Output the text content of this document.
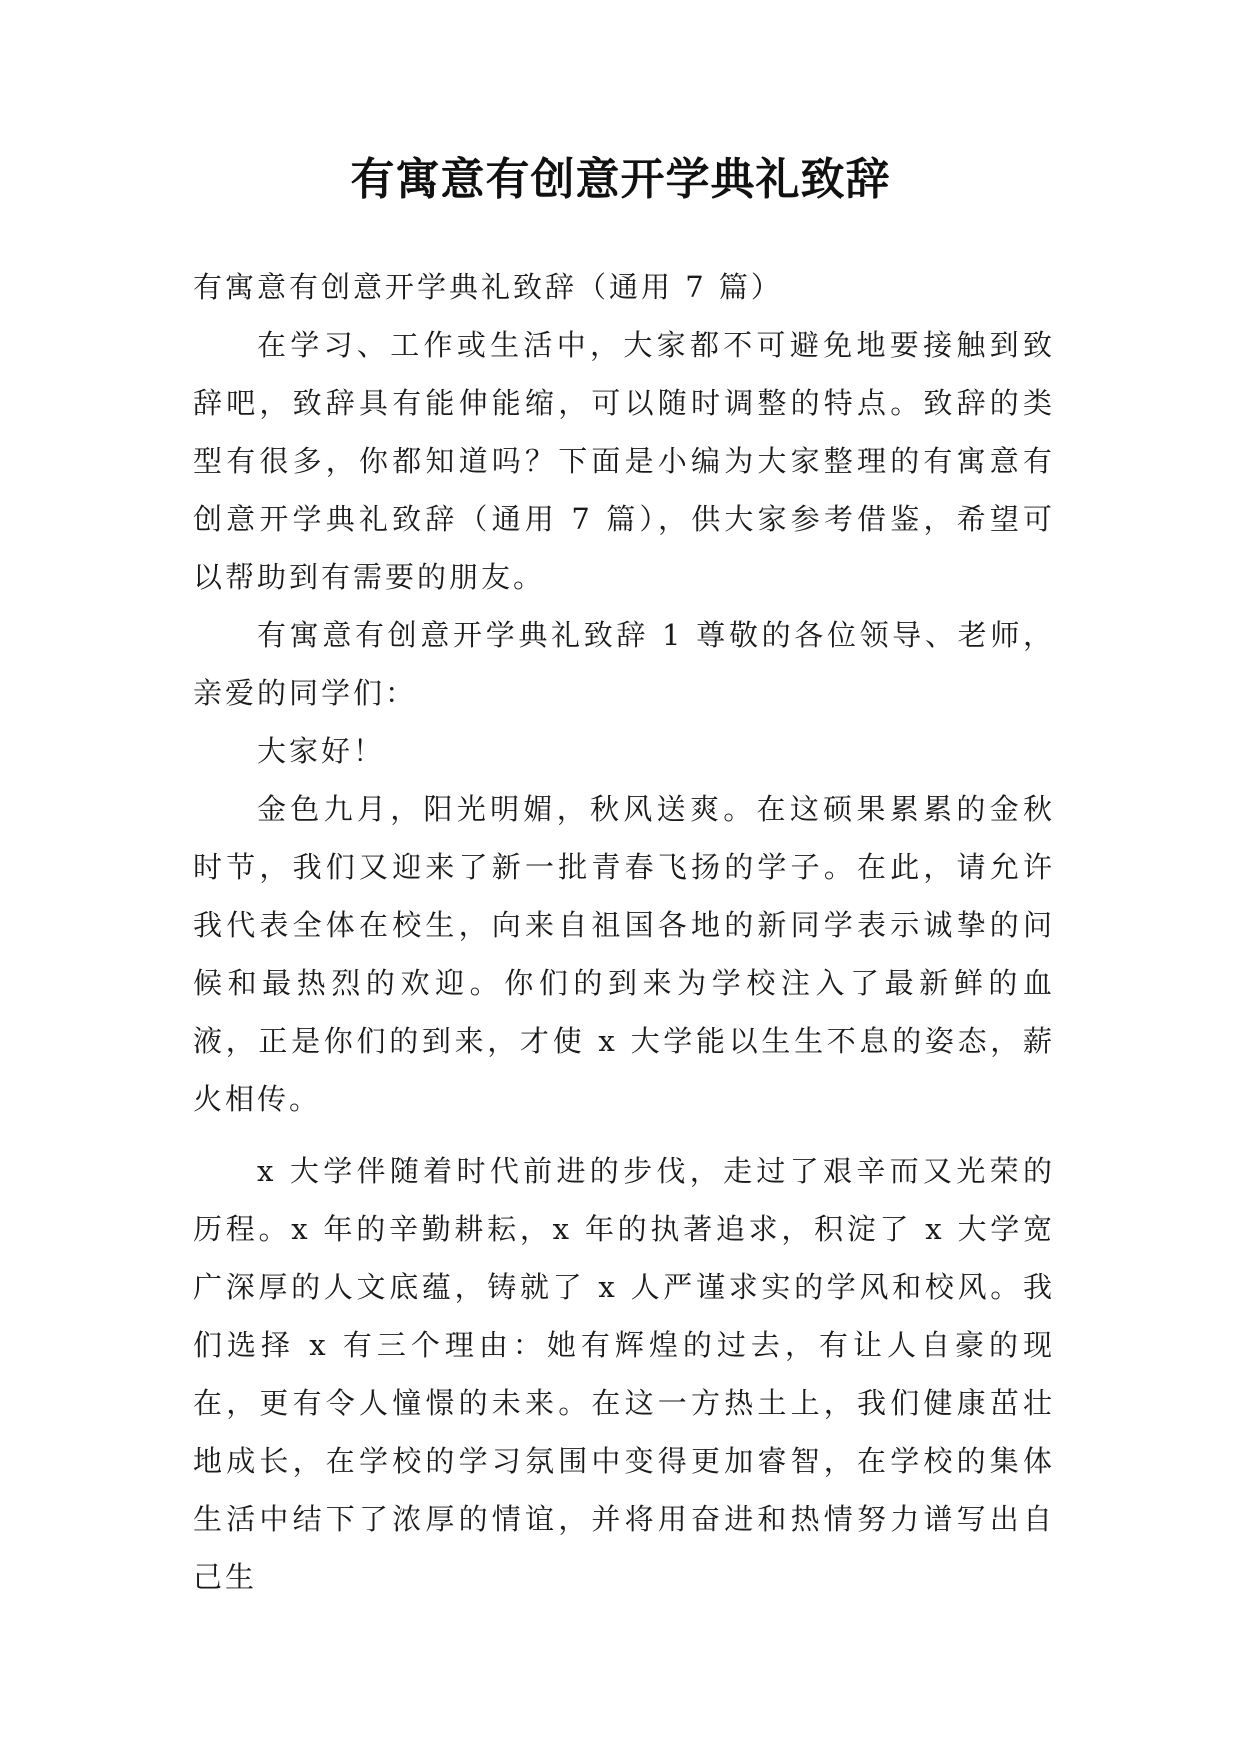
有寓意有创意开学典礼致辞

有寓意有创意开学典礼致辞（通用 7 篇）

在学习、工作或生活中，大家都不可避免地要接触到致辞吧，致辞具有能伸能缩，可以随时调整的特点。致辞的类型有很多，你都知道吗？下面是小编为大家整理的有寓意有创意开学典礼致辞（通用 7 篇），供大家参考借鉴，希望可以帮助到有需要的朋友。

有寓意有创意开学典礼致辞 1 尊敬的各位领导、老师，亲爱的同学们：

大家好！

金色九月，阳光明媚，秋风送爽。在这硕果累累的金秋时节，我们又迎来了新一批青春飞扬的学子。在此，请允许我代表全体在校生，向来自祖国各地的新同学表示诚挚的问候和最热烈的欢迎。你们的到来为学校注入了最新鲜的血液，正是你们的到来，才使 x 大学能以生生不息的姿态，薪火相传。

x 大学伴随着时代前进的步伐，走过了艰辛而又光荣的历程。x 年的辛勤耕耘，x 年的执著追求，积淀了 x 大学宽广深厚的人文底蕴，铸就了 x 人严谨求实的学风和校风。我们选择 x 有三个理由：她有辉煌的过去，有让人自豪的现在，更有令人憧憬的未来。在这一方热土上，我们健康茁壮地成长，在学校的学习氛围中变得更加睿智，在学校的集体生活中结下了浓厚的情谊，并将用奋进和热情努力谱写出自己生
